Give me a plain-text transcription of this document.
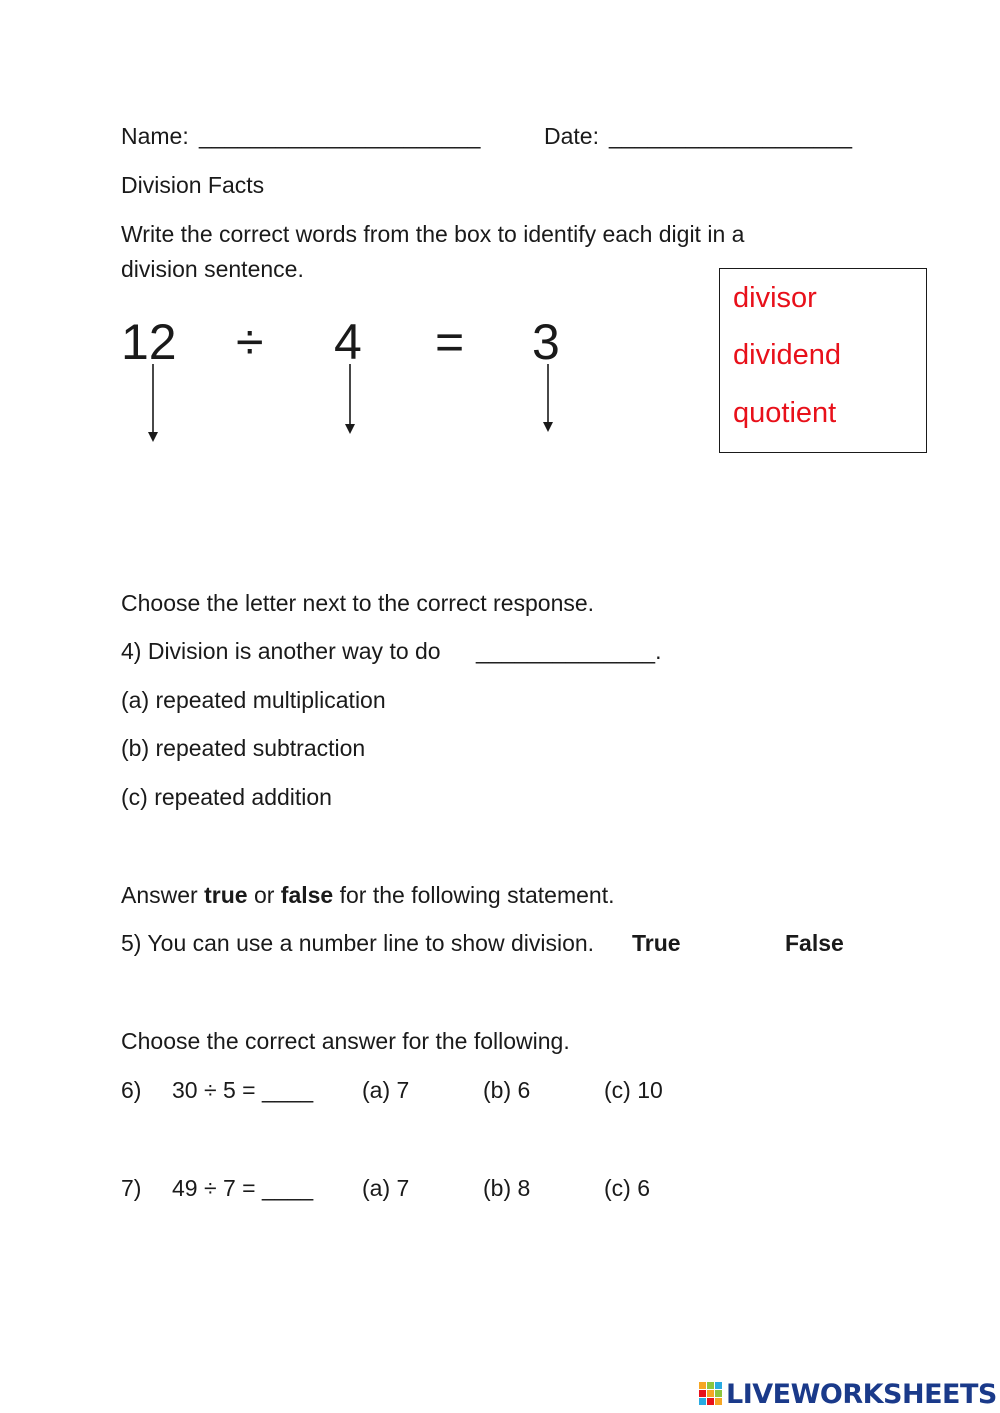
Name: ______________________	Date: ___________________
Division Facts
Write the correct words from the box to identify each digit in a
division sentence.
12 ÷ 4 = 3
divisor
dividend
quotient
Choose the letter next to the correct response.
4) Division is another way to do ______________.
(a) repeated multiplication
(b) repeated subtraction
(c) repeated addition
Answer true or false for the following statement.
5) You can use a number line to show division. True	False
Choose the correct answer for the following.
6) 30 ÷ 5 = ____ (a) 7	(b) 6	(c) 10
7) 49 ÷ 7 = ____ (a) 7	(b) 8	(c) 6
LIVEWORKSHEETS
